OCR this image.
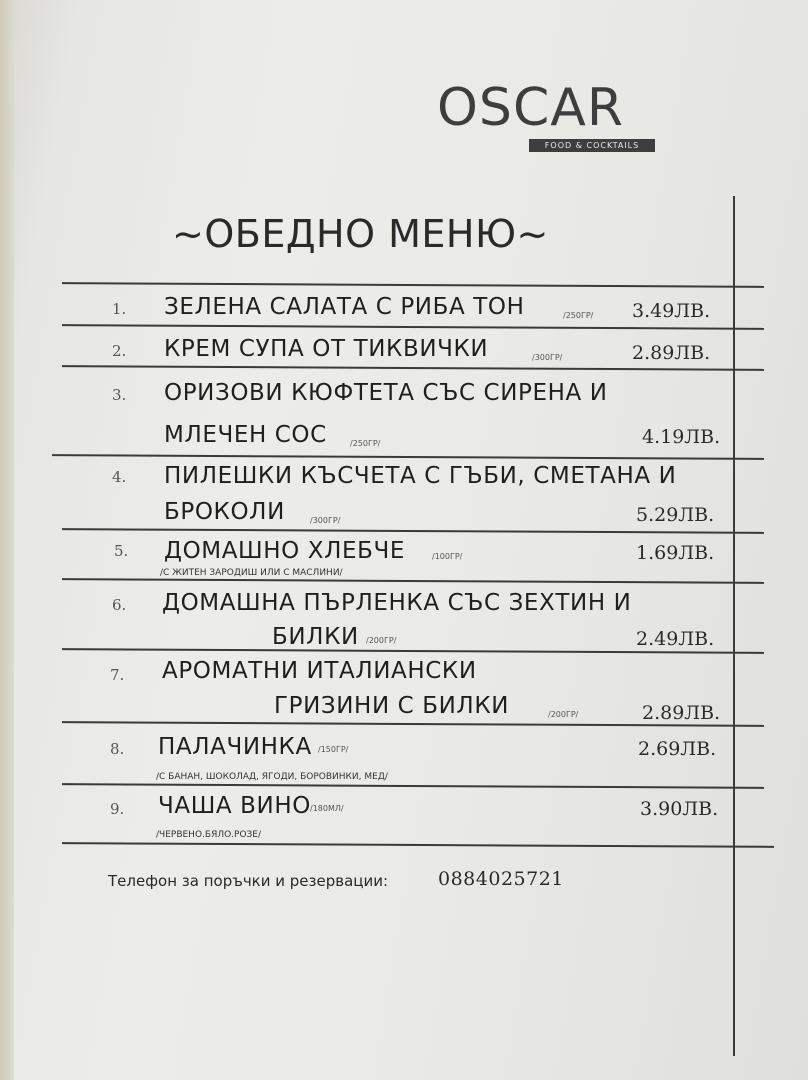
OSCAR
FOOD & COCKTAILS
~ОБЕДНО МЕНЮ~
1. ЗЕЛЕНА САЛАТА С РИБА ТОН	/250ГР/ 3.49ЛВ.
2. КРЕМ СУПА ОТ ТИКВИЧКИ	/300ГР/	2.89ЛВ.
3. ОРИЗОВИ КЮФТЕТА СЪС СИРЕНА И
МЛЕЧЕН СОС	/250ГР/	4.19ЛВ.
4. ПИЛЕШКИ КЪСЧЕТА С ГЪБИ, СМЕТАНА И
БРОКОЛИ	/300ГР/	5.29ЛВ.
5. ДОМАШНО ХЛЕБЧЕ	/100ГР/	1.69ЛВ.
/С ЖИТЕН ЗАРОДИШ ИЛИ С МАСЛИНИ/
6. ДОМАШНА ПЪРЛЕНКА СЪС ЗЕХТИН И
БИЛКИ /200ГР/	2.49ЛВ.
7. АРОМАТНИ ИТАЛИАНСКИ
ГРИЗИНИ С БИЛКИ	/200ГР/	2.89ЛВ.
8. ПАЛАЧИНКА /150ГР/	2.69ЛВ.
/С БАНАН, ШОКОЛАД, ЯГОДИ, БОРОВИНКИ, МЕД/
9. ЧАША ВИНО /180МЛ/	3.90ЛВ.
/ЧЕРВЕНО.БЯЛО.РОЗЕ/
Телефон за поръчки и резервации:	0884025721
